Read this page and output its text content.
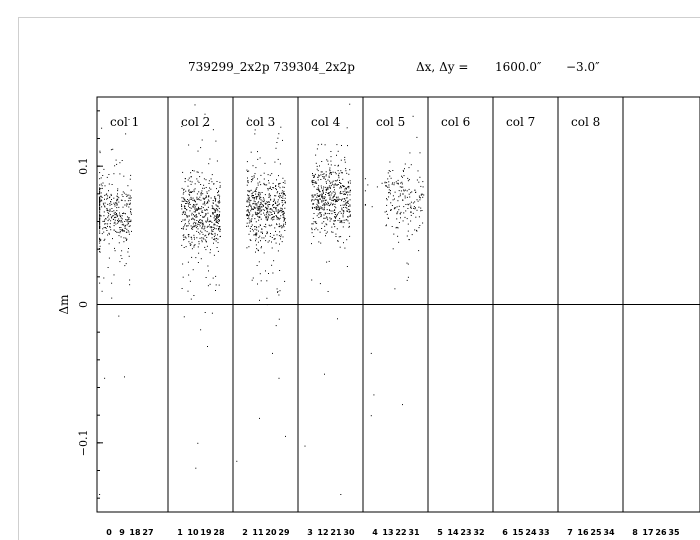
739299_2x2p 739304_2x2p	Δx, Δy = 1600.0″ −3.0″
0.1
0
−0.1
Δm
col 1
0 9 18 27
col 2
1 10 19 28
col 3
2 11 20 29
col 4
3 12 21 30
col 5
4 13 22 31
col 6
5 14 23 32
col 7
6 15 24 33
col 8
7 16 25 34 8 17 26 35
